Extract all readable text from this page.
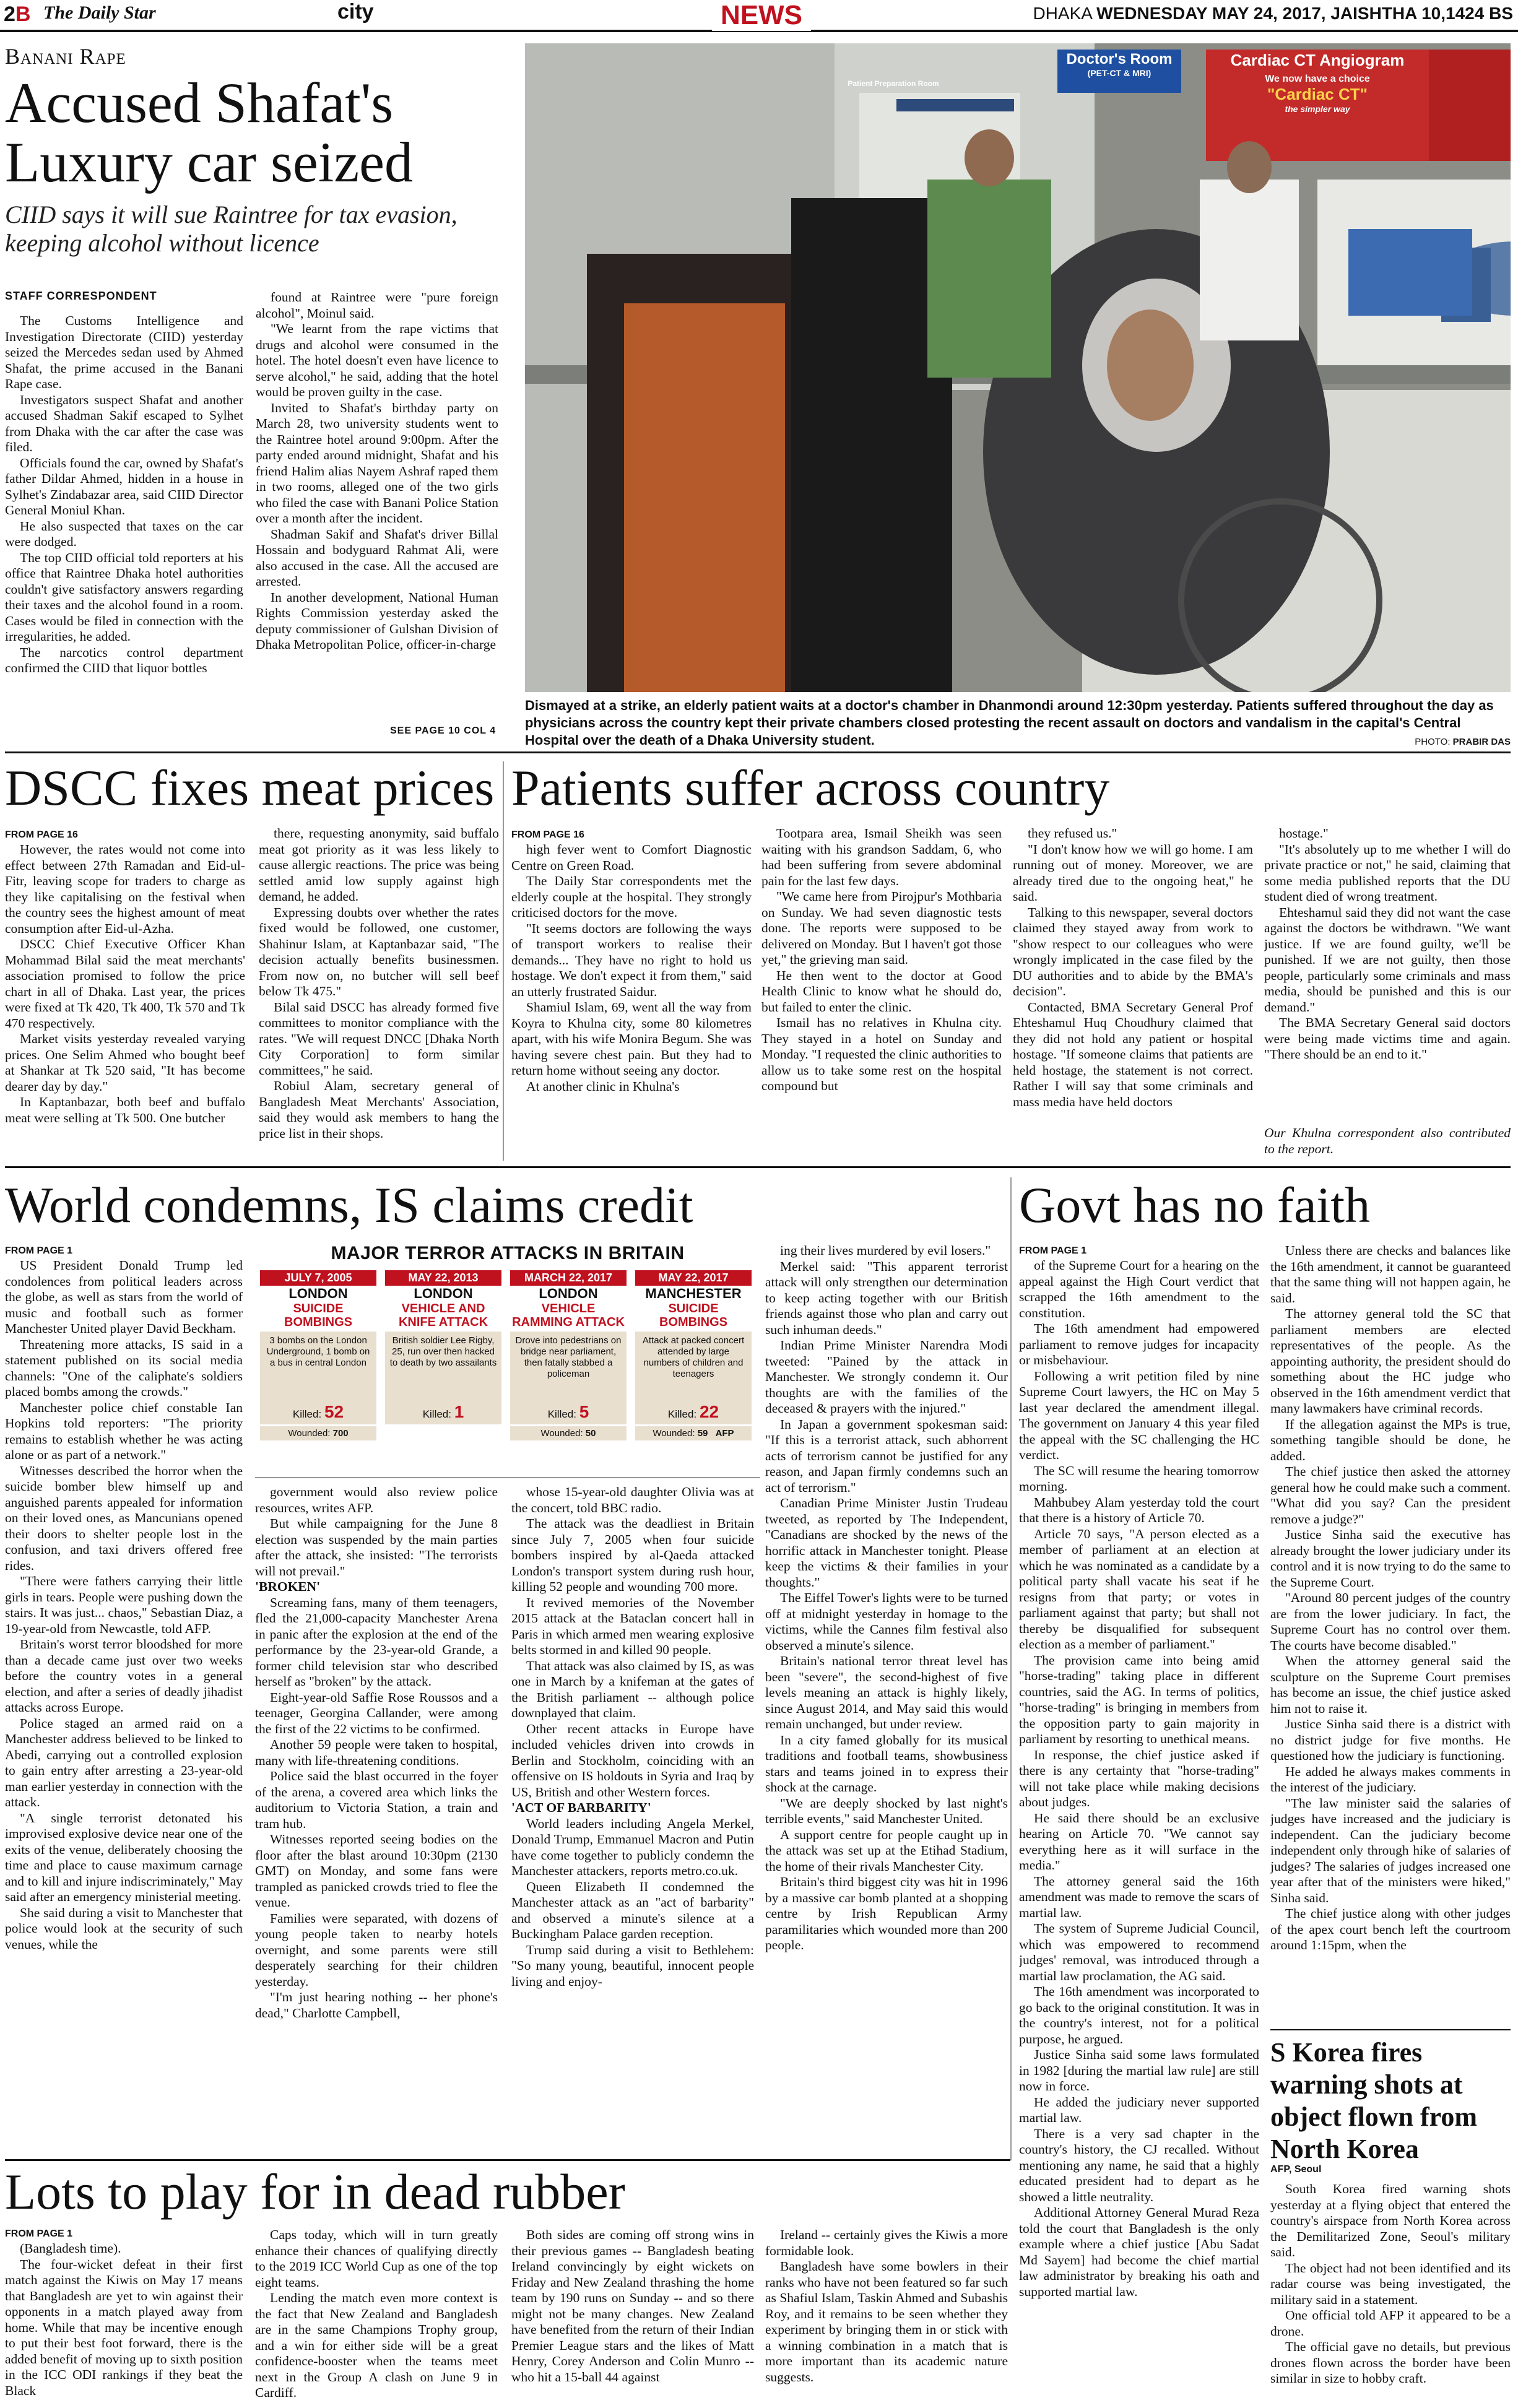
2B The Daily Star	city	NEWS	DHAKA WEDNESDAY MAY 24, 2017, JAISHTHA 10,1424 BS
Banani Rape
Accused Shafat's Luxury car seized
CIID says it will sue Raintree for tax evasion, keeping alcohol without licence
STAFF CORRESPONDENT

The Customs Intelligence and Investigation Directorate (CIID) yesterday seized the Mercedes sedan used by Ahmed Shafat, the prime accused in the Banani Rape case.

Investigators suspect Shafat and another accused Shadman Sakif escaped to Sylhet from Dhaka with the car after the case was filed.

Officials found the car, owned by Shafat's father Dildar Ahmed, hidden in a house in Sylhet's Zindabazar area, said CIID Director General Moniul Khan.

He also suspected that taxes on the car were dodged.

The top CIID official told reporters at his office that Raintree Dhaka hotel authorities couldn't give satisfactory answers regarding their taxes and the alcohol found in a room. Cases would be filed in connection with the irregularities, he added.

The narcotics control department confirmed the CIID that liquor bottles

found at Raintree were "pure foreign alcohol", Moinul said.

"We learnt from the rape victims that drugs and alcohol were consumed in the hotel. The hotel doesn't even have licence to serve alcohol," he said, adding that the hotel would be proven guilty in the case.

Invited to Shafat's birthday party on March 28, two university students went to the Raintree hotel around 9:00pm. After the party ended around midnight, Shafat and his friend Halim alias Nayem Ashraf raped them in two rooms, alleged one of the two girls who filed the case with Banani Police Station over a month after the incident.

Shadman Sakif and Shafat's driver Billal Hossain and bodyguard Rahmat Ali, were also accused in the case. All the accused are arrested.

In another development, National Human Rights Commission yesterday asked the deputy commissioner of Gulshan Division of Dhaka Metropolitan Police, officer-in-charge

SEE PAGE 10 COL 4
Patient Preparation Room
Doctor's Room
(PET-CT & MRI)
Cardiac CT Angiogram
We now have a choice
"Cardiac CT"
the simpler way
Dismayed at a strike, an elderly patient waits at a doctor's chamber in Dhanmondi around 12:30pm yesterday. Patients suffered throughout the day as physicians across the country kept their private chambers closed protesting the recent assault on doctors and vandalism in the capital's Central Hospital over the death of a Dhaka University student.	PHOTO: PRABIR DAS
DSCC fixes meat prices
FROM PAGE 16

However, the rates would not come into effect between 27th Ramadan and Eid-ul-Fitr, leaving scope for traders to charge as they like capitalising on the festival when the country sees the highest amount of meat consumption after Eid-ul-Azha.

DSCC Chief Executive Officer Khan Mohammad Bilal said the meat merchants' association promised to follow the price chart in all of Dhaka. Last year, the prices were fixed at Tk 420, Tk 400, Tk 570 and Tk 470 respectively.

Market visits yesterday revealed varying prices. One Selim Ahmed who bought beef at Shankar at Tk 520 said, "It has become dearer day by day."

In Kaptanbazar, both beef and buffalo meat were selling at Tk 500. One butcher

there, requesting anonymity, said buffalo meat got priority as it was less likely to cause allergic reactions. The price was being settled amid low supply against high demand, he added.

Expressing doubts over whether the rates fixed would be followed, one customer, Shahinur Islam, at Kaptanbazar said, "The decision actually benefits businessmen. From now on, no butcher will sell beef below Tk 475."

Bilal said DSCC has already formed five committees to monitor compliance with the rates. "We will request DNCC [Dhaka North City Corporation] to form similar committees," he said.

Robiul Alam, secretary general of Bangladesh Meat Merchants' Association, said they would ask members to hang the price list in their shops.

Patients suffer across country
FROM PAGE 16

high fever went to Comfort Diagnostic Centre on Green Road.

The Daily Star correspondents met the elderly couple at the hospital. They strongly criticised doctors for the move.

"It seems doctors are following the ways of transport workers to realise their demands... They have no right to hold us hostage. We don't expect it from them," said an utterly frustrated Saidur.

Shamiul Islam, 69, went all the way from Koyra to Khulna city, some 80 kilometres apart, with his wife Monira Begum. She was having severe chest pain. But they had to return home without seeing any doctor.

At another clinic in Khulna's

Tootpara area, Ismail Sheikh was seen waiting with his grandson Saddam, 6, who had been suffering from severe abdominal pain for the last few days.

"We came here from Pirojpur's Mothbaria on Sunday. We had seven diagnostic tests done. The reports were supposed to be delivered on Monday. But I haven't got those yet," the grieving man said.

He then went to the doctor at Good Health Clinic to know what he should do, but failed to enter the clinic.

Ismail has no relatives in Khulna city. They stayed in a hotel on Sunday and Monday. "I requested the clinic authorities to allow us to take some rest on the hospital compound but

they refused us."

"I don't know how we will go home. I am running out of money. Moreover, we are already tired due to the ongoing heat," he said.

Talking to this newspaper, several doctors claimed they stayed away from work to "show respect to our colleagues who were wrongly implicated in the case filed by the DU authorities and to abide by the BMA's decision".

Contacted, BMA Secretary General Prof Ehteshamul Huq Choudhury claimed that they did not hold any patient or hospital hostage. "If someone claims that patients are held hostage, the statement is not correct. Rather I will say that some criminals and mass media have held doctors

hostage."

"It's absolutely up to me whether I will do private practice or not," he said, claiming that some media published reports that the DU student died of wrong treatment.

Ehteshamul said they did not want the case against the doctors be withdrawn. "We want justice. If we are found guilty, we'll be punished. If we are not guilty, then those people, particularly some criminals and mass media, should be punished and this is our demand."

The BMA Secretary General said doctors were being made victims time and again. "There should be an end to it."

Our Khulna correspondent also contributed to the report.
World condemns, IS claims credit
FROM PAGE 1

US President Donald Trump led condolences from political leaders across the globe, as well as stars from the world of music and football such as former Manchester United player David Beckham.

Threatening more attacks, IS said in a statement published on its social media channels: "One of the caliphate's soldiers placed bombs among the crowds."

Manchester police chief constable Ian Hopkins told reporters: "The priority remains to establish whether he was acting alone or as part of a network."

Witnesses described the horror when the suicide bomber blew himself up and anguished parents appealed for information on their loved ones, as Mancunians opened their doors to shelter people lost in the confusion, and taxi drivers offered free rides.

"There were fathers carrying their little girls in tears. People were pushing down the stairs. It was just... chaos," Sebastian Diaz, a 19-year-old from Newcastle, told AFP.

Britain's worst terror bloodshed for more than a decade came just over two weeks before the country votes in a general election, and after a series of deadly jihadist attacks across Europe.

Police staged an armed raid on a Manchester address believed to be linked to Abedi, carrying out a controlled explosion to gain entry after arresting a 23-year-old man earlier yesterday in connection with the attack.

"A single terrorist detonated his improvised explosive device near one of the exits of the venue, deliberately choosing the time and place to cause maximum carnage and to kill and injure indiscriminately," May said after an emergency ministerial meeting.

She said during a visit to Manchester that police would look at the security of such venues, while the

MAJOR TERROR ATTACKS IN BRITAIN
JULY 7, 2005
LONDON
SUICIDE BOMBINGS
3 bombs on the London Underground, 1 bomb on a bus in central London
Killed: 52
Wounded: 700
MAY 22, 2013
LONDON
VEHICLE AND KNIFE ATTACK
British soldier Lee Rigby, 25, run over then hacked to death by two assailants
Killed: 1
MARCH 22, 2017
LONDON
VEHICLE RAMMING ATTACK
Drove into pedestrians on bridge near parliament, then fatally stabbed a policeman
Killed: 5
Wounded: 50
MAY 22, 2017
MANCHESTER
SUICIDE BOMBINGS
Attack at packed concert attended by large numbers of children and teenagers
Killed: 22
Wounded: 59 AFP

government would also review police resources, writes AFP.

But while campaigning for the June 8 election was suspended by the main parties after the attack, she insisted: "The terrorists will not prevail."

'BROKEN'

Screaming fans, many of them teenagers, fled the 21,000-capacity Manchester Arena in panic after the explosion at the end of the performance by the 23-year-old Grande, a former child television star who described herself as "broken" by the attack.

Eight-year-old Saffie Rose Roussos and a teenager, Georgina Callander, were among the first of the 22 victims to be confirmed.

Another 59 people were taken to hospital, many with life-threatening conditions.

Police said the blast occurred in the foyer of the arena, a covered area which links the auditorium to Victoria Station, a train and tram hub.

Witnesses reported seeing bodies on the floor after the blast around 10:30pm (2130 GMT) on Monday, and some fans were trampled as panicked crowds tried to flee the venue.

Families were separated, with dozens of young people taken to nearby hotels overnight, and some parents were still desperately searching for their children yesterday.

"I'm just hearing nothing -- her phone's dead," Charlotte Campbell,

whose 15-year-old daughter Olivia was at the concert, told BBC radio.

The attack was the deadliest in Britain since July 7, 2005 when four suicide bombers inspired by al-Qaeda attacked London's transport system during rush hour, killing 52 people and wounding 700 more.

It revived memories of the November 2015 attack at the Bataclan concert hall in Paris in which armed men wearing explosive belts stormed in and killed 90 people.

That attack was also claimed by IS, as was one in March by a knifeman at the gates of the British parliament -- although police downplayed that claim.

Other recent attacks in Europe have included vehicles driven into crowds in Berlin and Stockholm, coinciding with an offensive on IS holdouts in Syria and Iraq by US, British and other Western forces.

'ACT OF BARBARITY'

World leaders including Angela Merkel, Donald Trump, Emmanuel Macron and Putin have come together to publicly condemn the Manchester attackers, reports metro.co.uk.

Queen Elizabeth II condemned the Manchester attack as an "act of barbarity" and observed a minute's silence at a Buckingham Palace garden reception.

Trump said during a visit to Bethlehem: "So many young, beautiful, innocent people living and enjoy-

ing their lives murdered by evil losers."

Merkel said: "This apparent terrorist attack will only strengthen our determination to keep acting together with our British friends against those who plan and carry out such inhuman deeds."

Indian Prime Minister Narendra Modi tweeted: "Pained by the attack in Manchester. We strongly condemn it. Our thoughts are with the families of the deceased & prayers with the injured."

In Japan a government spokesman said: "If this is a terrorist attack, such abhorrent acts of terrorism cannot be justified for any reason, and Japan firmly condemns such an act of terrorism."

Canadian Prime Minister Justin Trudeau tweeted, as reported by The Independent, "Canadians are shocked by the news of the horrific attack in Manchester tonight. Please keep the victims & their families in your thoughts."

The Eiffel Tower's lights were to be turned off at midnight yesterday in homage to the victims, while the Cannes film festival also observed a minute's silence.

Britain's national terror threat level has been "severe", the second-highest of five levels meaning an attack is highly likely, since August 2014, and May said this would remain unchanged, but under review.

In a city famed globally for its musical traditions and football teams, showbusiness stars and teams joined in to express their shock at the carnage.

"We are deeply shocked by last night's terrible events," said Manchester United.

A support centre for people caught up in the attack was set up at the Etihad Stadium, the home of their rivals Manchester City.

Britain's third biggest city was hit in 1996 by a massive car bomb planted at a shopping centre by Irish Republican Army paramilitaries which wounded more than 200 people.

Govt has no faith
FROM PAGE 1

of the Supreme Court for a hearing on the appeal against the High Court verdict that scrapped the 16th amendment to the constitution.

The 16th amendment had empowered parliament to remove judges for incapacity or misbehaviour.

Following a writ petition filed by nine Supreme Court lawyers, the HC on May 5 last year declared the amendment illegal. The government on January 4 this year filed the appeal with the SC challenging the HC verdict.

The SC will resume the hearing tomorrow morning.

Mahbubey Alam yesterday told the court that there is a history of Article 70.

Article 70 says, "A person elected as a member of parliament at an election at which he was nominated as a candidate by a political party shall vacate his seat if he resigns from that party; or votes in parliament against that party; but shall not thereby be disqualified for subsequent election as a member of parliament."

The provision came into being amid "horse-trading" taking place in different countries, said the AG. In terms of politics, "horse-trading" is bringing in members from the opposition party to gain majority in parliament by resorting to unethical means.

In response, the chief justice asked if there is any certainty that "horse-trading" will not take place while making decisions about judges.

He said there should be an exclusive hearing on Article 70. "We cannot say everything here as it will surface in the media."

The attorney general said the 16th amendment was made to remove the scars of martial law.

The system of Supreme Judicial Council, which was empowered to recommend judges' removal, was introduced through a martial law proclamation, the AG said.

The 16th amendment was incorporated to go back to the original constitution. It was in the country's interest, not for a political purpose, he argued.

Justice Sinha said some laws formulated in 1982 [during the martial law rule] are still now in force.

He added the judiciary never supported martial law.

There is a very sad chapter in the country's history, the CJ recalled. Without mentioning any name, he said that a highly educated president had to depart as he showed a little neutrality.

Additional Attorney General Murad Reza told the court that Bangladesh is the only example where a chief justice [Abu Sadat Md Sayem] had become the chief martial law administrator by breaking his oath and supported martial law.

Unless there are checks and balances like the 16th amendment, it cannot be guaranteed that the same thing will not happen again, he said.

The attorney general told the SC that parliament members are elected representatives of the people. As the appointing authority, the president should do something about the HC judge who observed in the 16th amendment verdict that many lawmakers have criminal records.

If the allegation against the MPs is true, something tangible should be done, he added.

The chief justice then asked the attorney general how he could make such a comment. "What did you say? Can the president remove a judge?"

Justice Sinha said the executive has already brought the lower judiciary under its control and it is now trying to do the same to the Supreme Court.

"Around 80 percent judges of the country are from the lower judiciary. In fact, the Supreme Court has no control over them. The courts have become disabled."

When the attorney general said the sculpture on the Supreme Court premises has become an issue, the chief justice asked him not to raise it.

Justice Sinha said there is a district with no district judge for five months. He questioned how the judiciary is functioning.

He added he always makes comments in the interest of the judiciary.

"The law minister said the salaries of judges have increased and the judiciary is independent. Can the judiciary become independent only through hike of salaries of judges? The salaries of judges increased one year after that of the ministers were hiked," Sinha said.

The chief justice along with other judges of the apex court bench left the courtroom around 1:15pm, when the

S Korea fires warning shots at object flown from North Korea
AFP, Seoul

South Korea fired warning shots yesterday at a flying object that entered the country's airspace from North Korea across the Demilitarized Zone, Seoul's military said.

The object had not been identified and its radar course was being investigated, the military said in a statement.

One official told AFP it appeared to be a drone.

The official gave no details, but previous drones flown across the border have been similar in size to hobby craft.

Lots to play for in dead rubber
FROM PAGE 1

(Bangladesh time).

The four-wicket defeat in their first match against the Kiwis on May 17 means that Bangladesh are yet to win against their opponents in a match played away from home. While that may be incentive enough to put their best foot forward, there is the added benefit of moving up to sixth position in the ICC ODI rankings if they beat the Black

Caps today, which will in turn greatly enhance their chances of qualifying directly to the 2019 ICC World Cup as one of the top eight teams.

Lending the match even more context is the fact that New Zealand and Bangladesh are in the same Champions Trophy group, and a win for either side will be a great confidence-booster when the teams meet next in the Group A clash on June 9 in Cardiff.

Both sides are coming off strong wins in their previous games -- Bangladesh beating Ireland convincingly by eight wickets on Friday and New Zealand thrashing the home team by 190 runs on Sunday -- and so there might not be many changes. New Zealand have benefited from the return of their Indian Premier League stars and the likes of Matt Henry, Corey Anderson and Colin Munro -- who hit a 15-ball 44 against

Ireland -- certainly gives the Kiwis a more formidable look.

Bangladesh have some bowlers in their ranks who have not been featured so far such as Shafiul Islam, Taskin Ahmed and Subashis Roy, and it remains to be seen whether they experiment by bringing them in or stick with a winning combination in a match that is more important than its academic nature suggests.
